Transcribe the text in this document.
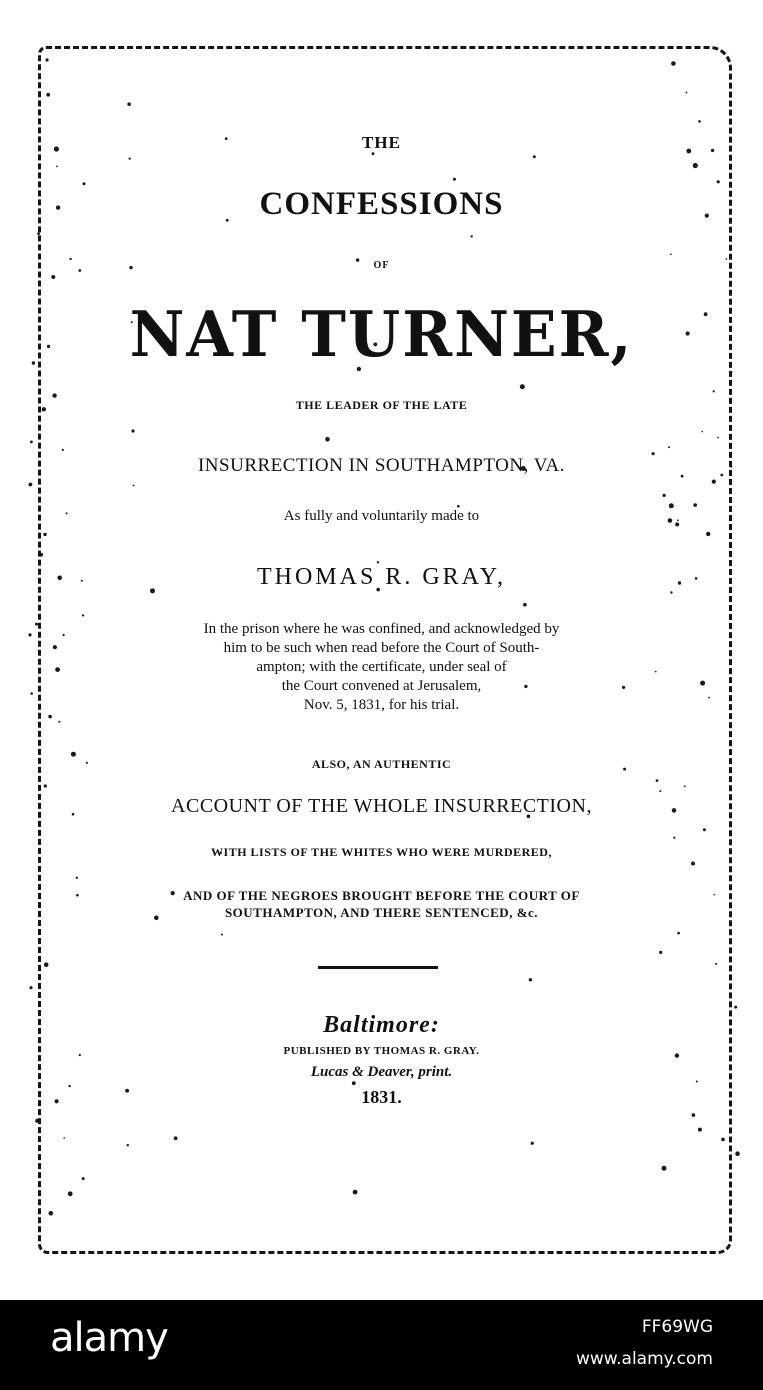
THE
CONFESSIONS
OF
NAT TURNER,
THE LEADER OF THE LATE
INSURRECTION IN SOUTHAMPTON, VA.
As fully and voluntarily made to
THOMAS R. GRAY,
In the prison where he was confined, and acknowledged by
him to be such when read before the Court of South-
ampton; with the certificate, under seal of
the Court convened at Jerusalem,
Nov. 5, 1831, for his trial.
ALSO, AN AUTHENTIC
ACCOUNT OF THE WHOLE INSURRECTION,
WITH LISTS OF THE WHITES WHO WERE MURDERED,
AND OF THE NEGROES BROUGHT BEFORE THE COURT OF
SOUTHAMPTON, AND THERE SENTENCED, &c.
Baltimore:
PUBLISHED BY THOMAS R. GRAY.
Lucas & Deaver, print.
1831.
alamy	FF69WG
www.alamy.com
